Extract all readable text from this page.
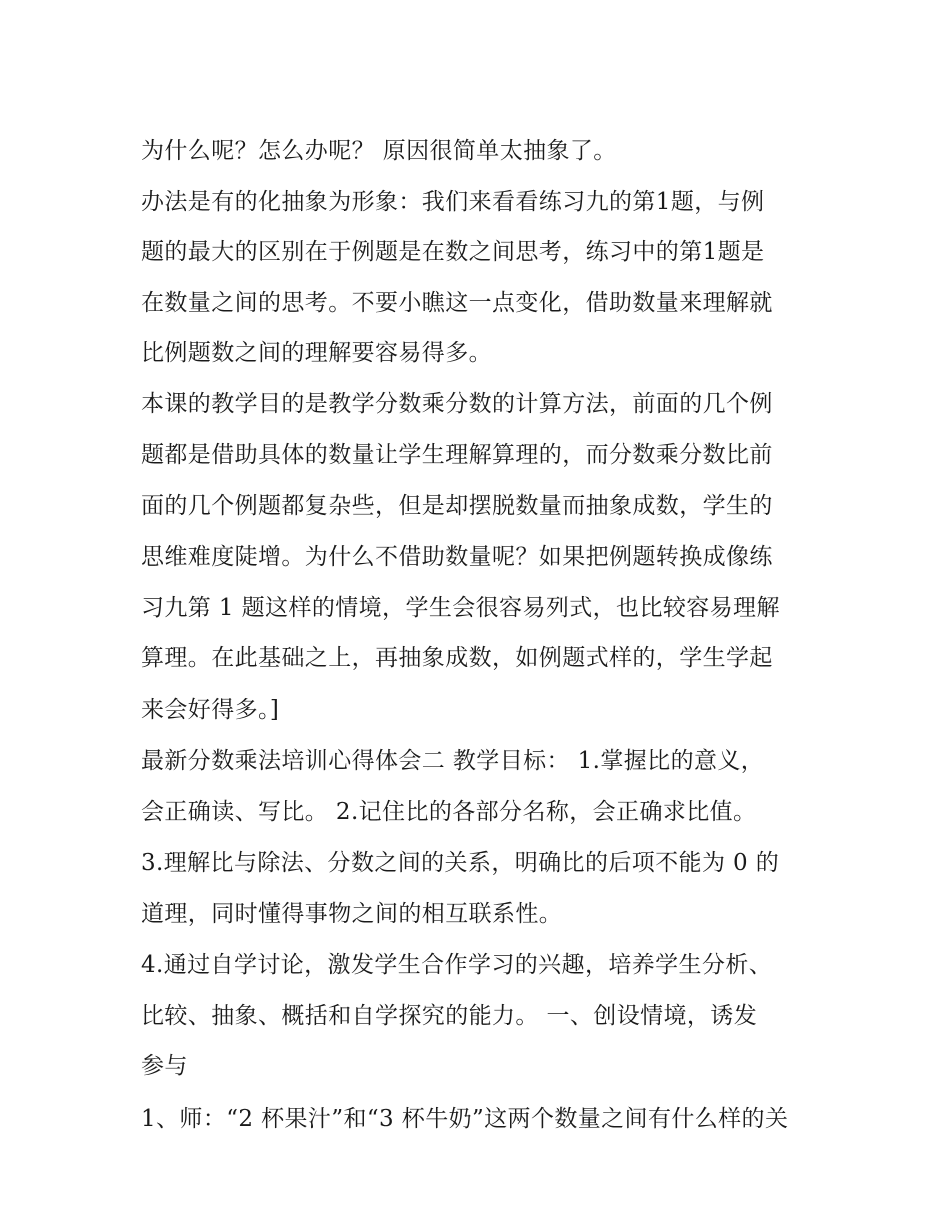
为什么呢？怎么办呢？ 原因很简单太抽象了。

办法是有的化抽象为形象：我们来看看练习九的第1题，与例

题的最大的区别在于例题是在数之间思考，练习中的第1题是

在数量之间的思考。不要小瞧这一点变化，借助数量来理解就

比例题数之间的理解要容易得多。

本课的教学目的是教学分数乘分数的计算方法，前面的几个例

题都是借助具体的数量让学生理解算理的，而分数乘分数比前

面的几个例题都复杂些，但是却摆脱数量而抽象成数，学生的

思维难度陡增。为什么不借助数量呢？如果把例题转换成像练

习九第 1 题这样的情境，学生会很容易列式，也比较容易理解

算理。在此基础之上，再抽象成数，如例题式样的，学生学起

来会好得多。]

最新分数乘法培训心得体会二 教学目标： 1.掌握比的意义，

会正确读、写比。 2.记住比的各部分名称，会正确求比值。

3.理解比与除法、分数之间的关系，明确比的后项不能为 0 的

道理，同时懂得事物之间的相互联系性。

4.通过自学讨论，激发学生合作学习的兴趣，培养学生分析、

比较、抽象、概括和自学探究的能力。 一、创设情境，诱发

参与

1、师：“2 杯果汁”和“3 杯牛奶”这两个数量之间有什么样的关
